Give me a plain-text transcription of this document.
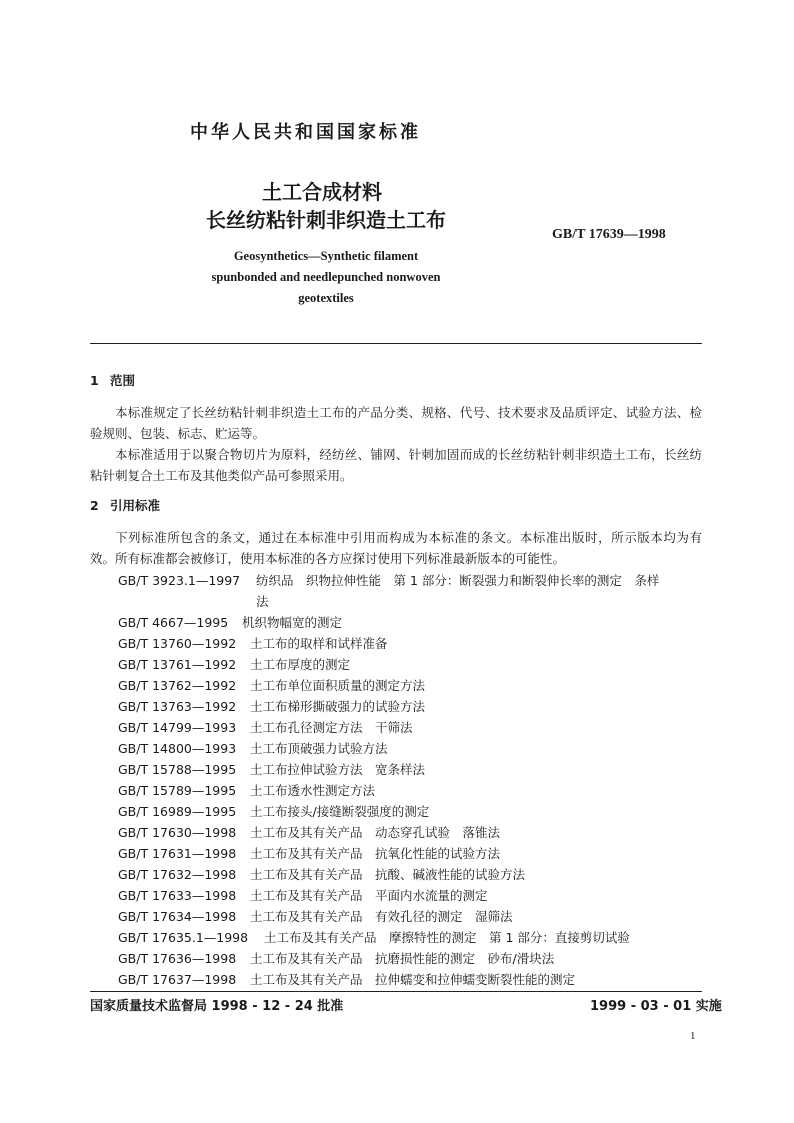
中华人民共和国国家标准
土工合成材料
长丝纺粘针刺非织造土工布
GB/T 17639—1998
Geosynthetics—Synthetic filament spunbonded and needlepunched nonwoven geotextiles
1 范围
本标准规定了长丝纺粘针刺非织造土工布的产品分类、规格、代号、技术要求及品质评定、试验方法、检验规则、包装、标志、贮运等。
本标准适用于以聚合物切片为原料，经纺丝、铺网、针刺加固而成的长丝纺粘针刺非织造土工布，长丝纺粘针刺复合土工布及其他类似产品可参照采用。
2 引用标准
下列标准所包含的条文，通过在本标准中引用而构成为本标准的条文。本标准出版时，所示版本均为有效。所有标准都会被修订，使用本标准的各方应探讨使用下列标准最新版本的可能性。
GB/T 3923.1—1997 纺织品　织物拉伸性能　第 1 部分：断裂强力和断裂伸长率的测定　条样
法
GB/T 4667—1995 机织物幅宽的测定
GB/T 13760—1992 土工布的取样和试样准备
GB/T 13761—1992 土工布厚度的测定
GB/T 13762—1992 土工布单位面积质量的测定方法
GB/T 13763—1992 土工布梯形撕破强力的试验方法
GB/T 14799—1993 土工布孔径测定方法　干筛法
GB/T 14800—1993 土工布顶破强力试验方法
GB/T 15788—1995 土工布拉伸试验方法　宽条样法
GB/T 15789—1995 土工布透水性测定方法
GB/T 16989—1995 土工布接头/接缝断裂强度的测定
GB/T 17630—1998 土工布及其有关产品　动态穿孔试验　落锥法
GB/T 17631—1998 土工布及其有关产品　抗氧化性能的试验方法
GB/T 17632—1998 土工布及其有关产品　抗酸、碱液性能的试验方法
GB/T 17633—1998 土工布及其有关产品　平面内水流量的测定
GB/T 17634—1998 土工布及其有关产品　有效孔径的测定　湿筛法
GB/T 17635.1—1998 土工布及其有关产品　摩擦特性的测定　第 1 部分：直接剪切试验
GB/T 17636—1998 土工布及其有关产品　抗磨损性能的测定　砂布/滑块法
GB/T 17637—1998 土工布及其有关产品　拉伸蠕变和拉伸蠕变断裂性能的测定
国家质量技术监督局 1998 - 12 - 24 批准	1999 - 03 - 01 实施
1
